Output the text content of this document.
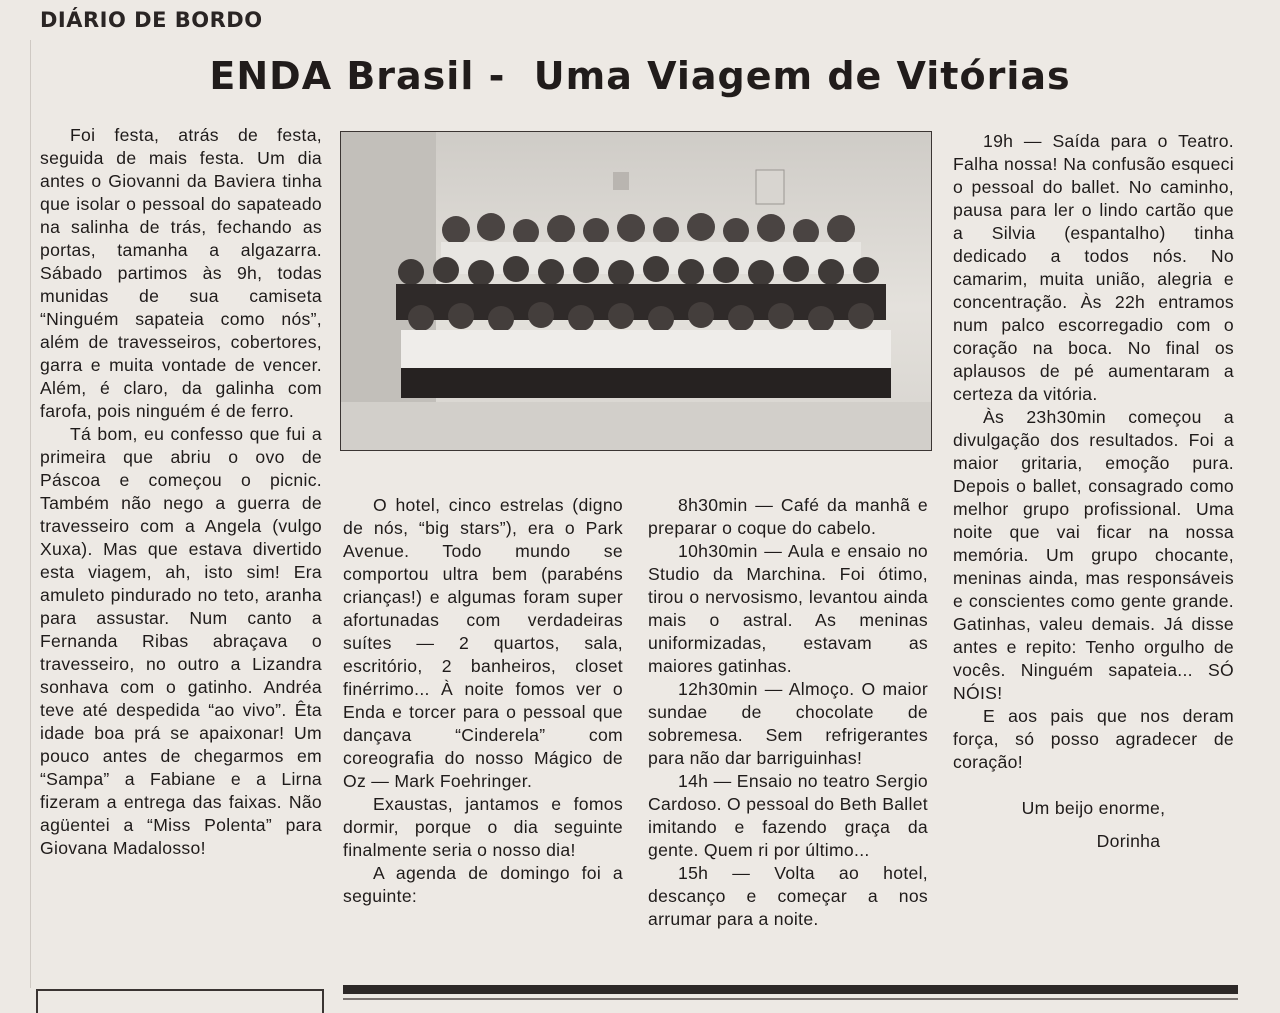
DIÁRIO DE BORDO
ENDA Brasil -  Uma Viagem de Vitórias

Foi festa, atrás de festa, seguida de mais festa. Um dia antes o Giovanni da Baviera tinha que isolar o pessoal do sapateado na salinha de trás, fechando as portas, tamanha a algazarra. Sábado partimos às 9h, todas munidas de sua camiseta “Ninguém sapateia como nós”, além de travesseiros, cobertores, garra e muita vontade de vencer. Além, é claro, da galinha com farofa, pois ninguém é de ferro.

Tá bom, eu confesso que fui a primeira que abriu o ovo de Páscoa e começou o picnic. Também não nego a guerra de travesseiro com a Angela (vulgo Xuxa). Mas que estava divertido esta viagem, ah, isto sim! Era amuleto pindurado no teto, aranha para assustar. Num canto a Fernanda Ribas abraçava o travesseiro, no outro a Lizandra sonhava com o gatinho. Andréa teve até despedida “ao vivo”. Êta idade boa prá se apaixonar! Um pouco antes de chegarmos em “Sampa” a Fabiane e a Lirna fizeram a entrega das faixas. Não agüentei a “Miss Polenta” para Giovana Madalosso!

O hotel, cinco estrelas (digno de nós, “big stars”), era o Park Avenue. Todo mundo se comportou ultra bem (parabéns crianças!) e algumas foram super afortunadas com verdadeiras suítes — 2 quartos, sala, escritório, 2 banheiros, closet finérrimo... À noite fomos ver o Enda e torcer para o pessoal que dançava “Cinderela” com coreografia do nosso Mágico de Oz — Mark Foehringer.

Exaustas, jantamos e fomos dormir, porque o dia seguinte finalmente seria o nosso dia!

A agenda de domingo foi a seguinte:

8h30min — Café da manhã e preparar o coque do cabelo.

10h30min — Aula e ensaio no Studio da Marchina. Foi ótimo, tirou o nervosismo, levantou ainda mais o astral. As meninas uniformizadas, estavam as maiores gatinhas.

12h30min — Almoço. O maior sundae de chocolate de sobremesa. Sem refrigerantes para não dar barriguinhas!

14h — Ensaio no teatro Sergio Cardoso. O pessoal do Beth Ballet imitando e fazendo graça da gente. Quem ri por último...

15h — Volta ao hotel, descanço e começar a nos arrumar para a noite.

19h — Saída para o Teatro. Falha nossa! Na confusão esqueci o pessoal do ballet. No caminho, pausa para ler o lindo cartão que a Silvia (espantalho) tinha dedicado a todos nós. No camarim, muita união, alegria e concentração. Às 22h entramos num palco escorregadio com o coração na boca. No final os aplausos de pé aumentaram a certeza da vitória.

Às 23h30min começou a divulgação dos resultados. Foi a maior gritaria, emoção pura. Depois o ballet, consagrado como melhor grupo profissional. Uma noite que vai ficar na nossa memória. Um grupo chocante, meninas ainda, mas responsáveis e conscientes como gente grande. Gatinhas, valeu demais. Já disse antes e repito: Tenho orgulho de vocês. Ninguém sapateia... SÓ NÓIS!

E aos pais que nos deram força, só posso agradecer de coração!

Um beijo enorme,

Dorinha
